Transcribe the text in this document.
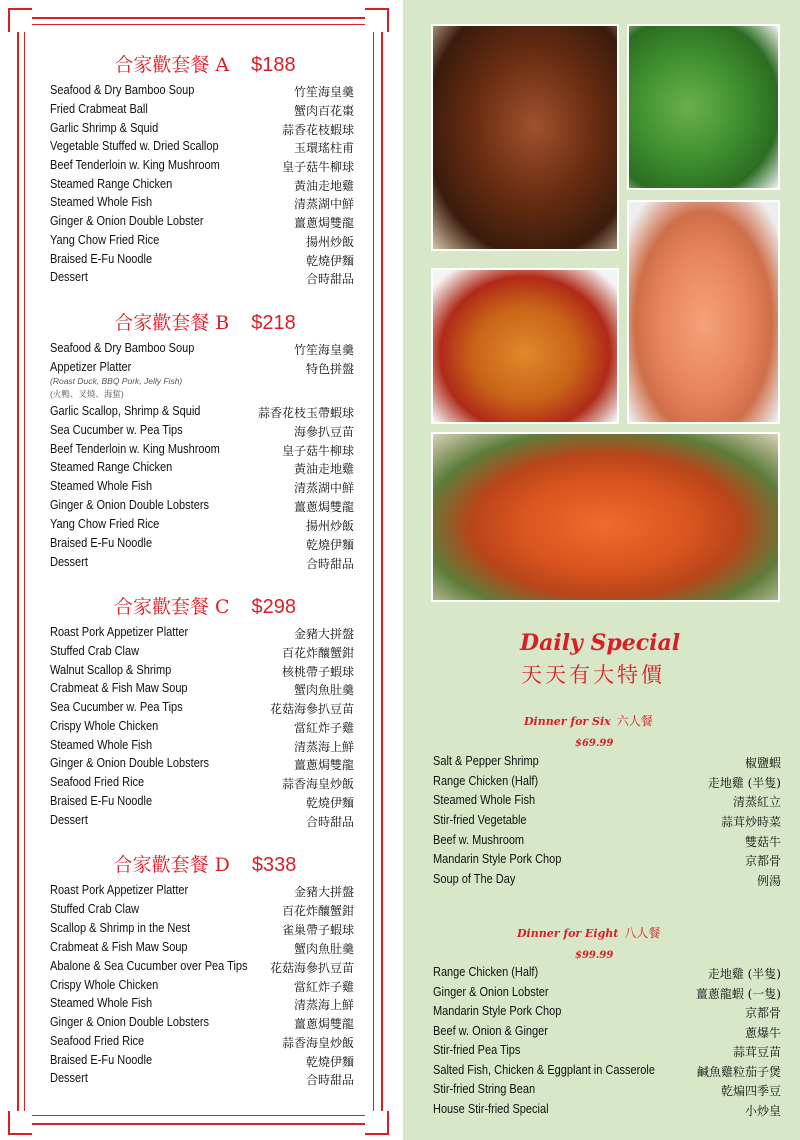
合家歡套餐 A $188
Seafood & Dry Bamboo Soup	竹笙海皇羹
Fried Crabmeat Ball	蟹肉百花棗
Garlic Shrimp & Squid	蒜香花枝蝦球
Vegetable Stuffed w. Dried Scallop	玉環瑤柱甫
Beef Tenderloin w. King Mushroom	皇子菇牛柳球
Steamed Range Chicken	黃油走地雞
Steamed Whole Fish	清蒸湖中鮮
Ginger & Onion Double Lobster	薑蔥焗雙龍
Yang Chow Fried Rice	揚州炒飯
Braised E-Fu Noodle	乾燒伊麵
Dessert	合時甜品
合家歡套餐 B $218
Seafood & Dry Bamboo Soup	竹笙海皇羹
Appetizer Platter	特色拼盤
(Roast Duck, BBQ Pork, Jelly Fish)
(火鴨、叉燒、海蜇)
Garlic Scallop, Shrimp & Squid	蒜香花枝玉帶蝦球
Sea Cucumber w. Pea Tips	海參扒豆苗
Beef Tenderloin w. King Mushroom	皇子菇牛柳球
Steamed Range Chicken	黃油走地雞
Steamed Whole Fish	清蒸湖中鮮
Ginger & Onion Double Lobsters	薑蔥焗雙龍
Yang Chow Fried Rice	揚州炒飯
Braised E-Fu Noodle	乾燒伊麵
Dessert	合時甜品
合家歡套餐 C $298
Roast Pork Appetizer Platter	金豬大拼盤
Stuffed Crab Claw	百花炸釀蟹鉗
Walnut Scallop & Shrimp	核桃帶子蝦球
Crabmeat & Fish Maw Soup	蟹肉魚肚羹
Sea Cucumber w. Pea Tips	花菇海參扒豆苗
Crispy Whole Chicken	當紅炸子雞
Steamed Whole Fish	清蒸海上鮮
Ginger & Onion Double Lobsters	薑蔥焗雙龍
Seafood Fried Rice	蒜香海皇炒飯
Braised E-Fu Noodle	乾燒伊麵
Dessert	合時甜品
合家歡套餐 D $338
Roast Pork Appetizer Platter	金豬大拼盤
Stuffed Crab Claw	百花炸釀蟹鉗
Scallop & Shrimp in the Nest	雀巢帶子蝦球
Crabmeat & Fish Maw Soup	蟹肉魚肚羹
Abalone & Sea Cucumber over Pea Tips 花菇海參扒豆苗
Crispy Whole Chicken	當紅炸子雞
Steamed Whole Fish	清蒸海上鮮
Ginger & Onion Double Lobsters	薑蔥焗雙龍
Seafood Fried Rice	蒜香海皇炒飯
Braised E-Fu Noodle	乾燒伊麵
Dessert	合時甜品
Daily Special
天天有大特價
Dinner for Six 六人餐
$69.99
Salt & Pepper Shrimp	椒鹽蝦
Range Chicken (Half)	走地雞 (半隻)
Steamed Whole Fish	清蒸紅立
Stir-fried Vegetable	蒜茸炒時菜
Beef w. Mushroom	雙菇牛
Mandarin Style Pork Chop	京都骨
Soup of The Day	例湯
Dinner for Eight 八人餐
$99.99
Range Chicken (Half)	走地雞 (半隻)
Ginger & Onion Lobster	薑蔥龍蝦 (一隻)
Mandarin Style Pork Chop	京都骨
Beef w. Onion & Ginger	蔥爆牛
Stir-fried Pea Tips	蒜茸豆苗
Salted Fish, Chicken & Eggplant in Casserole	鹹魚雞粒茄子煲
Stir-fried String Bean	乾煸四季豆
House Stir-fried Special	小炒皇
